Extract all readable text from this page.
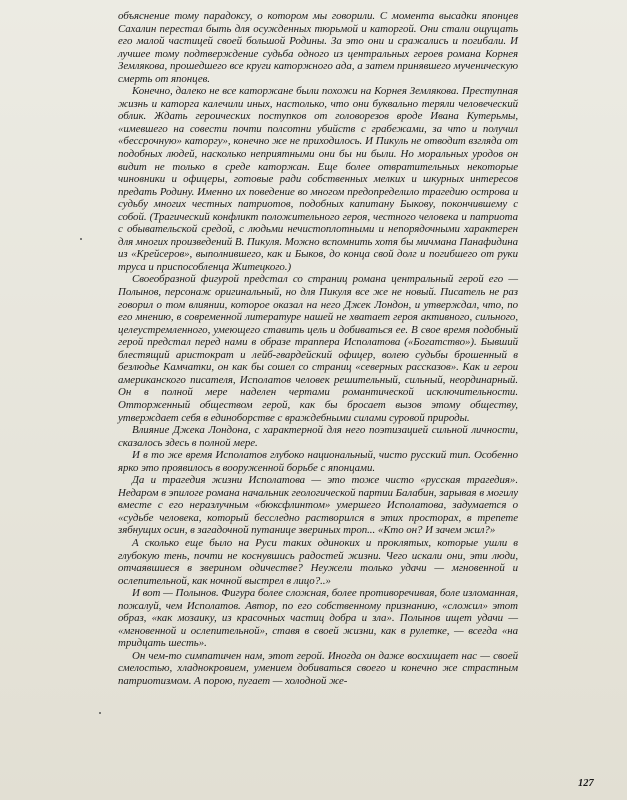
объяснение тому парадоксу, о котором мы говорили. С момента высадки японцев Сахалин перестал быть для осужденных тюрьмой и каторгой. Они стали ощущать его малой частицей своей большой Родины. За это они и сражались и погибали. И лучшее тому подтверждение судьба одного из центральных героев романа Корнея Землякова, прошедшего все круги каторжного ада, а затем принявшего мученическую смерть от японцев.

Конечно, далеко не все каторжане были похожи на Корнея Землякова. Преступная жизнь и каторга калечили иных, настолько, что они буквально теряли человеческий облик. Ждать героических поступков от головорезов вроде Ивана Кутерьмы, «имевшего на совести почти полсотни убийств с грабежами, за что и получил «бессрочную» каторгу», конечно же не приходилось. И Пикуль не отводит взгляда от подобных людей, насколько неприятными они бы ни были. Но моральных уродов он видит не только в среде каторжан. Еще более отвратительных некоторые чиновники и офицеры, готовые ради собственных мелких и шкурных интересов предать Родину. Именно их поведение во многом предопределило трагедию острова и судьбу многих честных патриотов, подобных капитану Быкову, покончившему с собой. (Трагический конфликт положительного героя, честного человека и патриота с обывательской средой, с людьми нечистоплотными и непорядочными характерен для многих произведений В. Пикуля. Можно вспомнить хотя бы мичмана Панафидина из «Крейсеров», выполнившего, как и Быков, до конца свой долг и погибшего от руки труса и приспособленца Житецкого.)

Своеобразной фигурой предстал со страниц романа центральный герой его — Полынов, персонаж оригинальный, но для Пикуля все же не новый. Писатель не раз говорил о том влиянии, которое оказал на него Джек Лондон, и утверждал, что, по его мнению, в современной литературе нашей не хватает героя активного, сильного, целеустремленного, умеющего ставить цель и добиваться ее. В свое время подобный герой предстал перед нами в образе траппера Исполатова («Богатство»). Бывший блестящий аристократ и лейб-гвардейский офицер, волею судьбы брошенный в безлюдье Камчатки, он как бы сошел со страниц «северных рассказов». Как и герои американского писателя, Исполатов человек решительный, сильный, неординарный. Он в полной мере наделен чертами романтической исключительности. Отторженный обществом герой, как бы бросает вызов этому обществу, утверждает себя в единоборстве с враждебными силами суровой природы.

Влияние Джека Лондона, с характерной для него поэтизацией сильной личности, сказалось здесь в полной мере.

И в то же время Исполатов глубоко национальный, чисто русский тип. Особенно ярко это проявилось в вооруженной борьбе с японцами.

Да и трагедия жизни Исполатова — это тоже чисто «русская трагедия». Недаром в эпилоге романа начальник геологической партии Балабин, зарывая в могилу вместе с его неразлучным «бюксфлинтом» умершего Исполатова, задумается о «судьбе человека, который бесследно растворился в этих просторах, в трепете зябнущих осин, в загадочной путанице звериных троп... «Кто он? И зачем жил?»

А сколько еще было на Руси таких одиноких и проклятых, которые ушли в глубокую тень, почти не коснувшись радостей жизни. Чего искали они, эти люди, отчаявшиеся в зверином одичестве? Неужели только удачи — мгновенной и ослепительной, как ночной выстрел в лицо?..»

И вот — Полынов. Фигура более сложная, более противоречивая, боле изломанная, пожалуй, чем Исполатов. Автор, по его собственному признанию, «сложил» этот образ, «как мозаику, из красочных частиц добра и зла». Полынов ищет удачи — «мгновенной и ослепительной», ставя в своей жизни, как в рулетке, — всегда «на тридцать шесть».

Он чем-то симпатичен нам, этот герой. Иногда он даже восхищает нас — своей смелостью, хладнокровием, умением добиваться своего и конечно же страстным патриотизмом. А порою, пугает — холодной же-

127
